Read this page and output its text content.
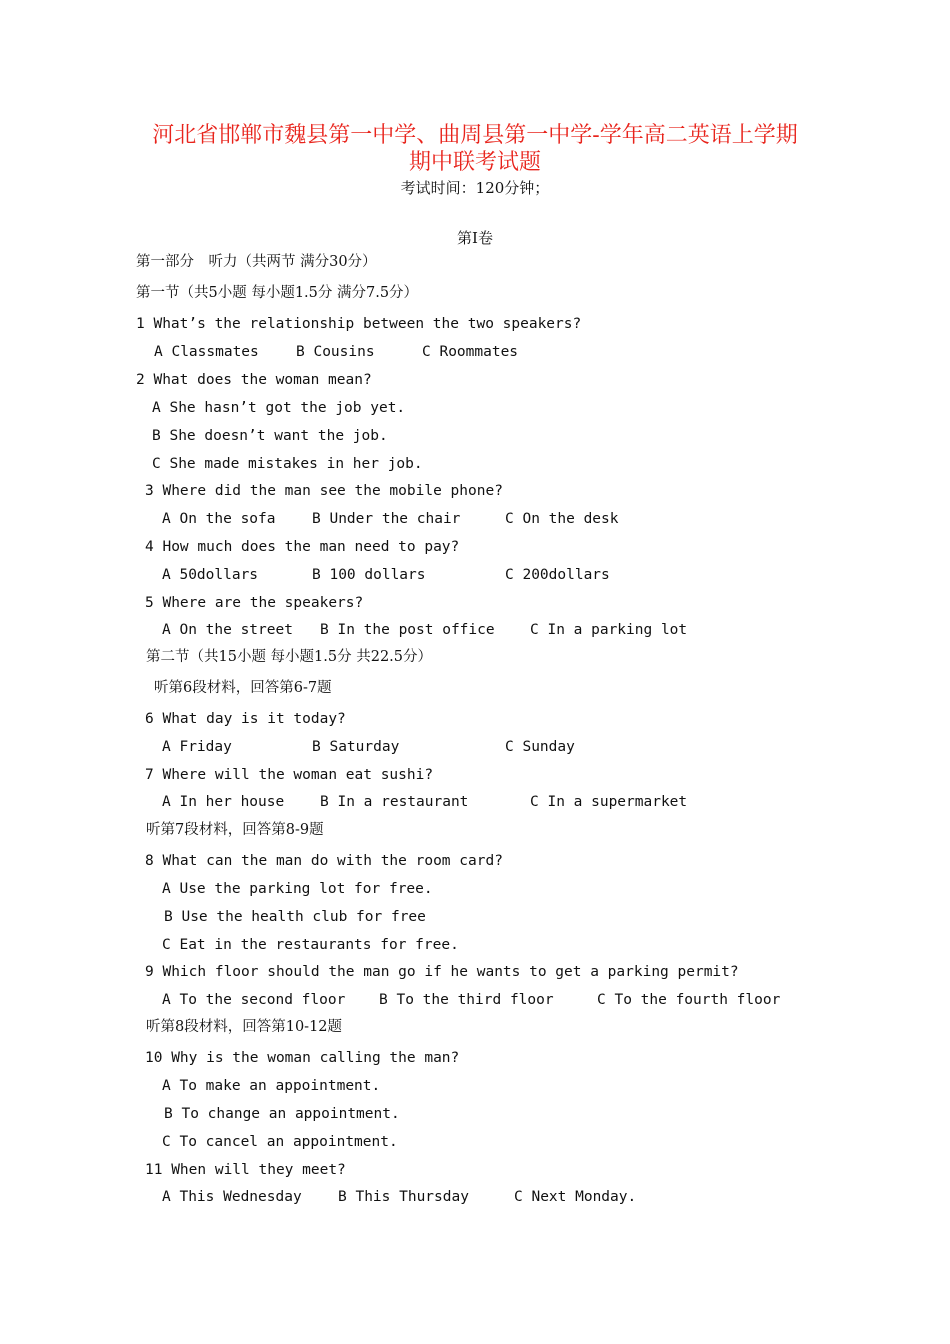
河北省邯郸市魏县第一中学、曲周县第一中学-学年高二英语上学期
期中联考试题
考试时间：120分钟；
第I卷
第一部分　听力（共两节 满分30分）
第一节（共5小题 每小题1.5分 满分7.5分）
1 What’s the relationship between the two speakers?
A Classmates	B Cousins	C Roommates
2 What does the woman mean?
A She hasn’t got the job yet.
B She doesn’t want the job.
C She made mistakes in her job.
3 Where did the man see the mobile phone?
A On the sofa	B Under the chair	C On the desk
4 How much does the man need to pay?
A 50dollars	B 100 dollars	C 200dollars
5 Where are the speakers?
A On the street B In the post office C In a parking lot
第二节（共15小题 每小题1.5分 共22.5分）
听第6段材料，回答第6-7题
6 What day is it today?
A Friday	B Saturday	C Sunday
7 Where will the woman eat sushi?
A In her house B In a restaurant	C In a supermarket
听第7段材料，回答第8-9题
8 What can the man do with the room card?
A Use the parking lot for free.
B Use the health club for free
C Eat in the restaurants for free.
9 Which floor should the man go if he wants to get a parking permit?
A To the second floor B To the third floor	C To the fourth floor
听第8段材料，回答第10-12题
10 Why is the woman calling the man?
A To make an appointment.
B To change an appointment.
C To cancel an appointment.
11 When will they meet?
A This Wednesday	B This Thursday	C Next Monday.
